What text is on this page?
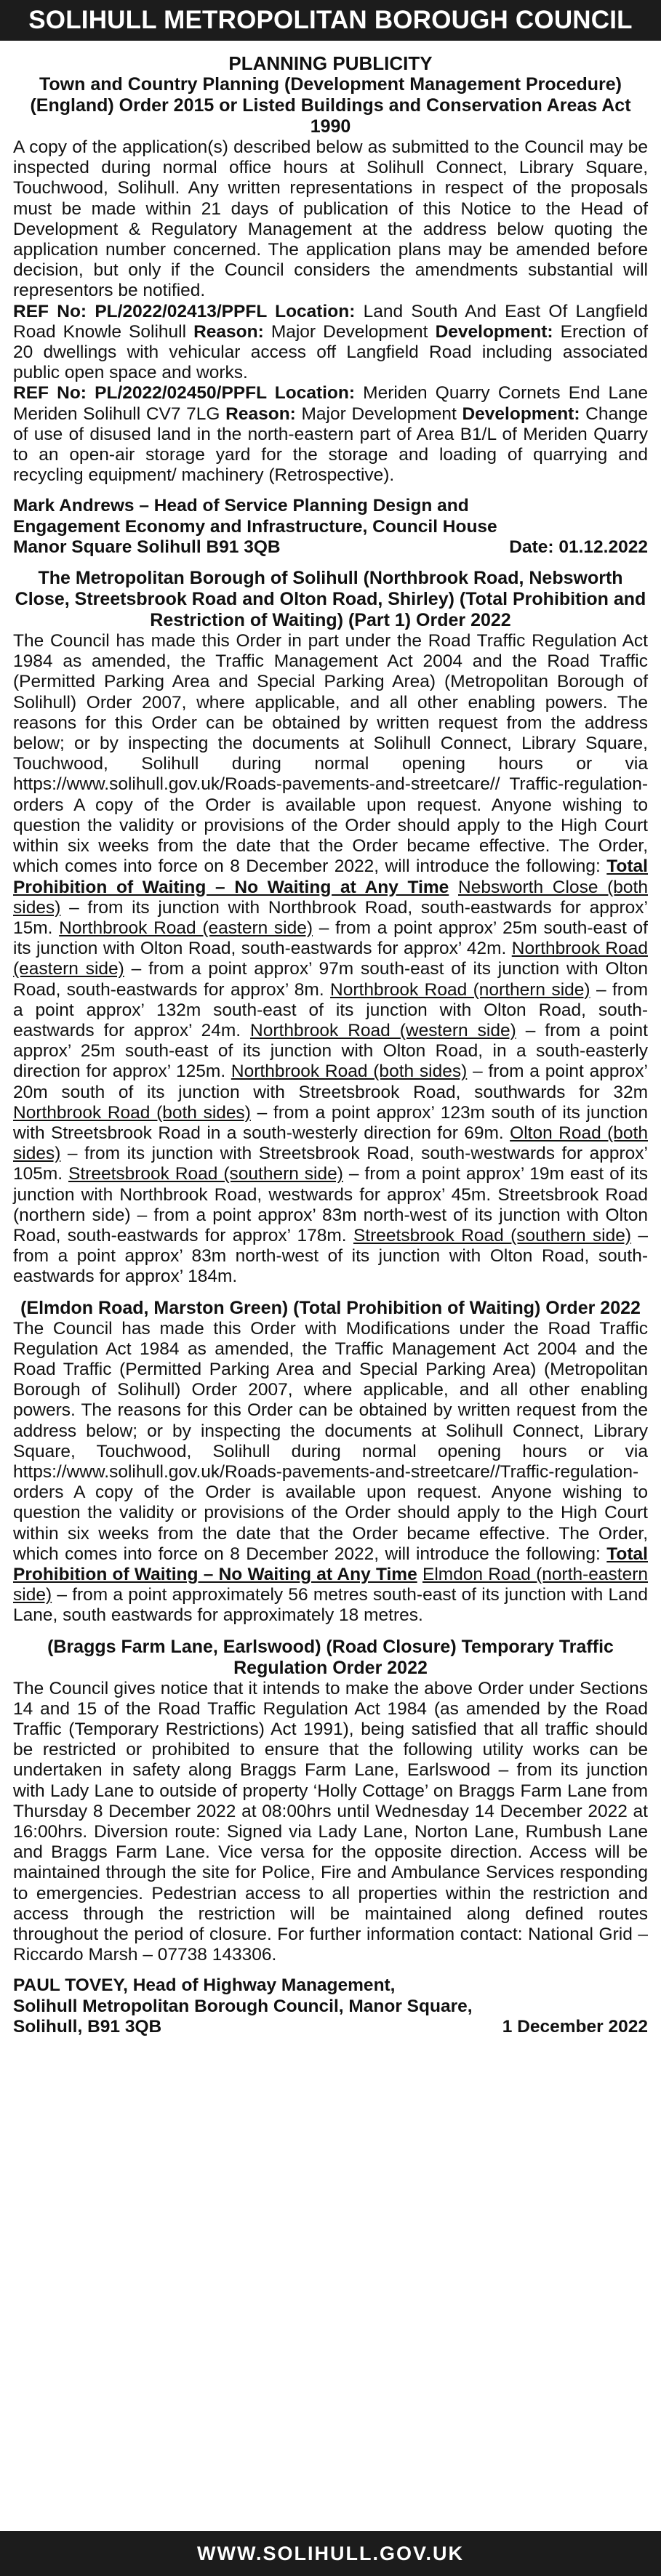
SOLIHULL METROPOLITAN BOROUGH COUNCIL
PLANNING PUBLICITY
Town and Country Planning (Development Management Procedure) (England) Order 2015 or Listed Buildings and Conservation Areas Act 1990

A copy of the application(s) described below as submitted to the Council may be inspected during normal office hours at Solihull Connect, Library Square, Touchwood, Solihull. Any written representations in respect of the proposals must be made within 21 days of publication of this Notice to the Head of Development & Regulatory Management at the address below quoting the application number concerned. The application plans may be amended before decision, but only if the Council considers the amendments substantial will representors be notified.

REF No: PL/2022/02413/PPFL Location: Land South And East Of Langfield Road Knowle Solihull Reason: Major Development Development: Erection of 20 dwellings with vehicular access off Langfield Road including associated public open space and works.

REF No: PL/2022/02450/PPFL Location: Meriden Quarry Cornets End Lane Meriden Solihull CV7 7LG Reason: Major Development Development: Change of use of disused land in the north-eastern part of Area B1/L of Meriden Quarry to an open-air storage yard for the storage and loading of quarrying and recycling equipment/ machinery (Retrospective).

Mark Andrews – Head of Service Planning Design and
Engagement Economy and Infrastructure, Council House
Manor Square Solihull B91 3QB	Date: 01.12.2022
The Metropolitan Borough of Solihull (Northbrook Road, Nebsworth Close, Streetsbrook Road and Olton Road, Shirley) (Total Prohibition and Restriction of Waiting) (Part 1) Order 2022

The Council has made this Order in part under the Road Traffic Regulation Act 1984 as amended, the Traffic Management Act 2004 and the Road Traffic (Permitted Parking Area and Special Parking Area) (Metropolitan Borough of Solihull) Order 2007, where applicable, and all other enabling powers. The reasons for this Order can be obtained by written request from the address below; or by inspecting the documents at Solihull Connect, Library Square, Touchwood, Solihull during normal opening hours or via https://www.solihull.gov.uk/Roads-pavements-and-streetcare// Traffic-regulation-orders A copy of the Order is available upon request. Anyone wishing to question the validity or provisions of the Order should apply to the High Court within six weeks from the date that the Order became effective. The Order, which comes into force on 8 December 2022, will introduce the following: Total Prohibition of Waiting – No Waiting at Any Time Nebsworth Close (both sides) – from its junction with Northbrook Road, south-eastwards for approx’ 15m. Northbrook Road (eastern side) – from a point approx’ 25m south-east of its junction with Olton Road, south-eastwards for approx’ 42m. Northbrook Road (eastern side) – from a point approx’ 97m south-east of its junction with Olton Road, south-eastwards for approx’ 8m. Northbrook Road (northern side) – from a point approx’ 132m south-east of its junction with Olton Road, south-eastwards for approx’ 24m. Northbrook Road (western side) – from a point approx’ 25m south-east of its junction with Olton Road, in a south-easterly direction for approx’ 125m. Northbrook Road (both sides) – from a point approx’ 20m south of its junction with Streetsbrook Road, southwards for 32m Northbrook Road (both sides) – from a point approx’ 123m south of its junction with Streetsbrook Road in a south-westerly direction for 69m. Olton Road (both sides) – from its junction with Streetsbrook Road, south-westwards for approx’ 105m. Streetsbrook Road (southern side) – from a point approx’ 19m east of its junction with Northbrook Road, westwards for approx’ 45m. Streetsbrook Road (northern side) – from a point approx’ 83m north-west of its junction with Olton Road, south-eastwards for approx’ 178m. Streetsbrook Road (southern side) – from a point approx’ 83m north-west of its junction with Olton Road, south-eastwards for approx’ 184m.

(Elmdon Road, Marston Green) (Total Prohibition of Waiting) Order 2022

The Council has made this Order with Modifications under the Road Traffic Regulation Act 1984 as amended, the Traffic Management Act 2004 and the Road Traffic (Permitted Parking Area and Special Parking Area) (Metropolitan Borough of Solihull) Order 2007, where applicable, and all other enabling powers. The reasons for this Order can be obtained by written request from the address below; or by inspecting the documents at Solihull Connect, Library Square, Touchwood, Solihull during normal opening hours or via https://www.solihull.gov.uk/Roads-pavements-and-streetcare//Traffic-regulation-orders A copy of the Order is available upon request. Anyone wishing to question the validity or provisions of the Order should apply to the High Court within six weeks from the date that the Order became effective. The Order, which comes into force on 8 December 2022, will introduce the following: Total Prohibition of Waiting – No Waiting at Any Time Elmdon Road (north-eastern side) – from a point approximately 56 metres south-east of its junction with Land Lane, south eastwards for approximately 18 metres.

(Braggs Farm Lane, Earlswood) (Road Closure) Temporary Traffic Regulation Order 2022

The Council gives notice that it intends to make the above Order under Sections 14 and 15 of the Road Traffic Regulation Act 1984 (as amended by the Road Traffic (Temporary Restrictions) Act 1991), being satisfied that all traffic should be restricted or prohibited to ensure that the following utility works can be undertaken in safety along Braggs Farm Lane, Earlswood – from its junction with Lady Lane to outside of property ‘Holly Cottage’ on Braggs Farm Lane from Thursday 8 December 2022 at 08:00hrs until Wednesday 14 December 2022 at 16:00hrs. Diversion route: Signed via Lady Lane, Norton Lane, Rumbush Lane and Braggs Farm Lane. Vice versa for the opposite direction. Access will be maintained through the site for Police, Fire and Ambulance Services responding to emergencies. Pedestrian access to all properties within the restriction and access through the restriction will be maintained along defined routes throughout the period of closure. For further information contact: National Grid – Riccardo Marsh – 07738 143306.

PAUL TOVEY, Head of Highway Management,
Solihull Metropolitan Borough Council, Manor Square,
Solihull, B91 3QB	1 December 2022
WWW.SOLIHULL.GOV.UK
